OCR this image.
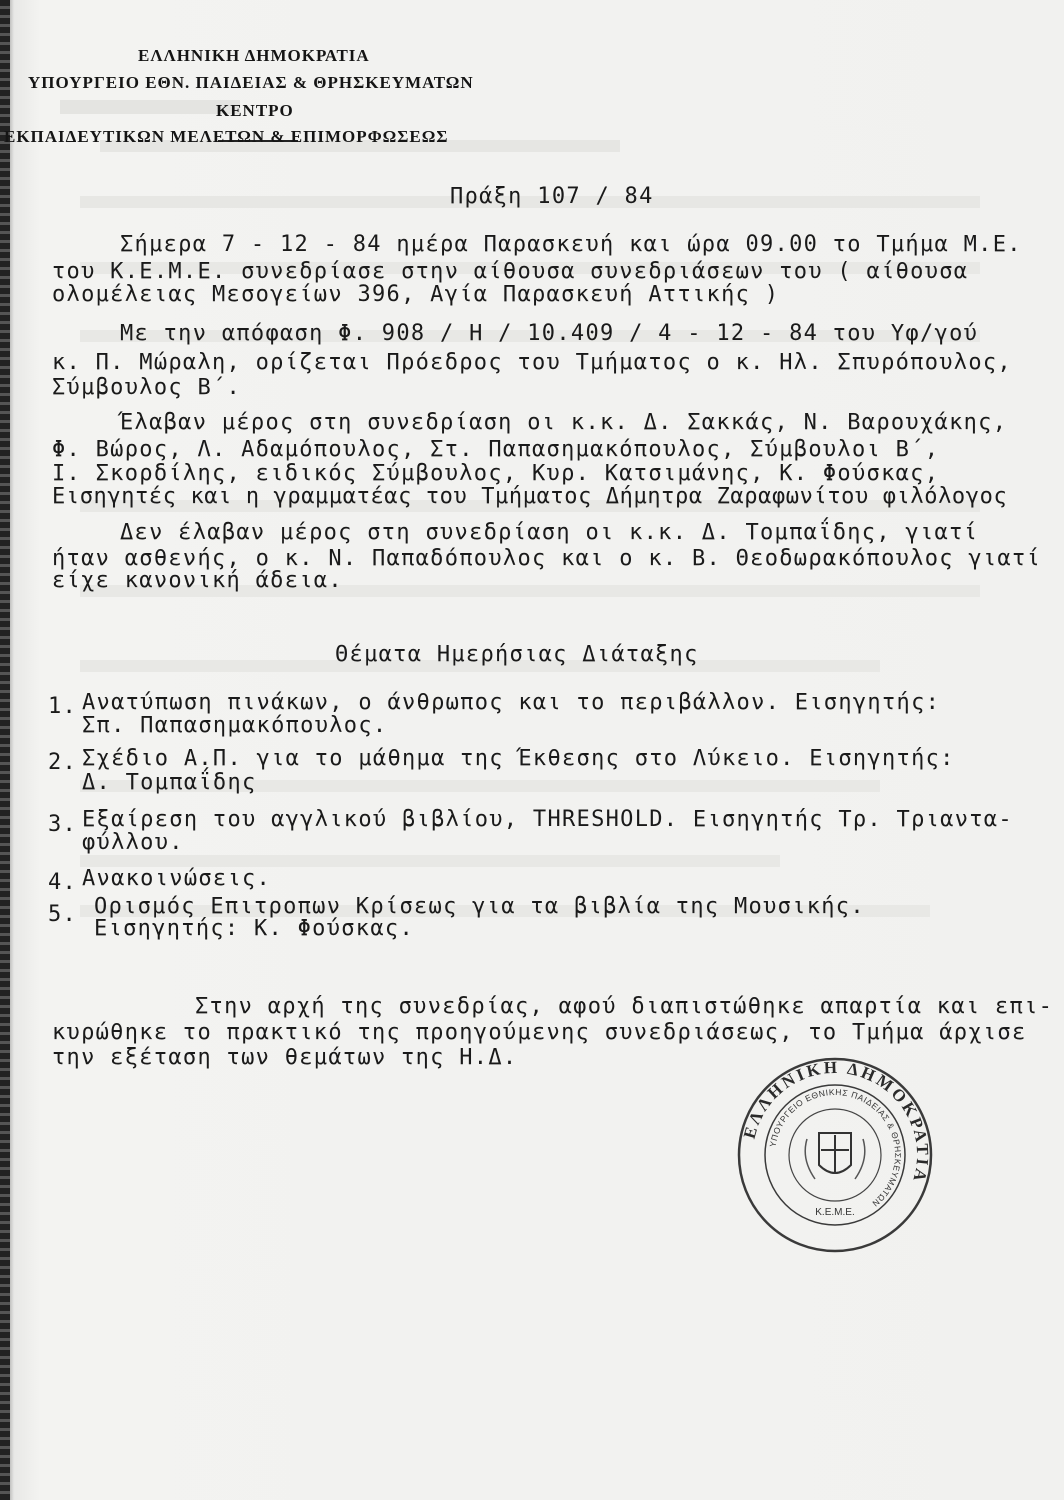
ΕΛΛΗΝΙΚΗ ΔΗΜΟΚΡΑΤΙΑ
ΥΠΟΥΡΓΕΙΟ ΕΘΝ. ΠΑΙΔΕΙΑΣ & ΘΡΗΣΚΕΥΜΑΤΩΝ
ΚΕΝΤΡΟ
ΕΚΠΑΙΔΕΥΤΙΚΩΝ ΜΕΛΕΤΩΝ & ΕΠΙΜΟΡΦΩΣΕΩΣ
Πράξη 107 / 84
Σήμερα 7 - 12 - 84 ημέρα Παρασκευή και ώρα 09.00 το Τμήμα Μ.Ε.
του Κ.Ε.Μ.Ε. συνεδρίασε στην αίθουσα συνεδριάσεων του ( αίθουσα
ολομέλειας Μεσογείων 396, Αγία Παρασκευή Αττικής )
Με την απόφαση Φ. 908 / Η / 10.409 / 4 - 12 - 84 του Υφ/γού
κ. Π. Μώραλη, ορίζεται Πρόεδρος του Τμήματος ο κ. Ηλ. Σπυρόπουλος,
Σύμβουλος Β΄.
Έλαβαν μέρος στη συνεδρίαση οι κ.κ. Δ. Σακκάς, Ν. Βαρουχάκης,
Φ. Βώρος, Λ. Αδαμόπουλος, Στ. Παπασημακόπουλος, Σύμβουλοι Β΄,
Ι. Σκορδίλης, ειδικός Σύμβουλος, Κυρ. Κατσιμάνης, Κ. Φούσκας,
Εισηγητές και η γραμματέας του Τμήματος Δήμητρα Ζαραφωνίτου φιλόλογος
Δεν έλαβαν μέρος στη συνεδρίαση οι κ.κ. Δ. Τομπαΐδης, γιατί
ήταν ασθενής, ο κ. Ν. Παπαδόπουλος και ο κ. Β. Θεοδωρακόπουλος γιατί
είχε κανονική άδεια.
Θέματα Ημερήσιας Διάταξης
1. Ανατύπωση πινάκων, ο άνθρωπος και το περιβάλλον. Εισηγητής:
Σπ. Παπασημακόπουλος.
2. Σχέδιο Α.Π. για το μάθημα της Έκθεσης στο Λύκειο. Εισηγητής:
Δ. Τομπαΐδης
3. Εξαίρεση του αγγλικού βιβλίου, THRESHOLD. Εισηγητής Τρ. Τριαντα-
φύλλου.
4. Ανακοινώσεις.
5. Ορισμός Επιτροπων Κρίσεως για τα βιβλία της Μουσικής.
Εισηγητής: Κ. Φούσκας.
Στην αρχή της συνεδρίας, αφού διαπιστώθηκε απαρτία και επι-
κυρώθηκε το πρακτικό της προηγούμενης συνεδριάσεως, το Τμήμα άρχισε
την εξέταση των θεμάτων της Η.Δ.
ΕΛΛΗΝΙΚΗ ΔΗΜΟΚΡΑΤΙΑ
ΥΠΟΥΡΓΕΙΟ ΕΘΝΙΚΗΣ ΠΑΙΔΕΙΑΣ & ΘΡΗΣΚΕΥΜΑΤΩΝ
Κ.Ε.Μ.Ε.
